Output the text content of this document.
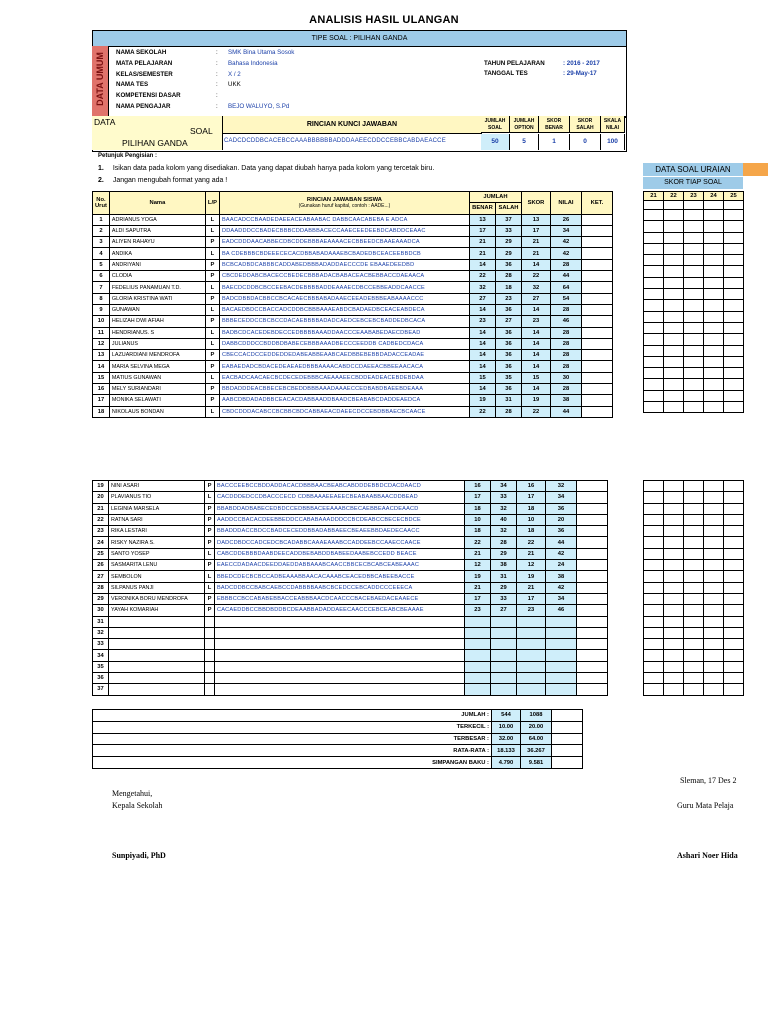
ANALISIS HASIL ULANGAN
TIPE SOAL : PILIHAN GANDA
DATA UMUM NAMA SEKOLAH	: SMK Bina Utama Sosok
MATA PELAJARAN	: Bahasa Indonesia
KELAS/SEMESTER	: X / 2
NAMA TES	: UKK
KOMPETENSI DASAR	:
NAMA PENGAJAR	: BEJO WALUYO, S.Pd
TAHUN PELAJARAN	: 2016 - 2017
TANGGAL TES	: 29-May-17
DATA
SOAL
PILIHAN GANDA
RINCIAN KUNCI JAWABAN
CADCDCDDBCACEBCCAAABBBBBBADDDAAEECDDCCEBBCABDAEACCE
JUMLAH SOAL
50
JUMLAH OPTION
5
SKOR BENAR
1
SKOR SALAH
0
SKALA NILAI
100
Petunjuk Pengisian :
1. Isikan data pada kolom yang disediakan. Data yang dapat diubah hanya pada kolom yang tercetak biru.
2. Jangan mengubah format yang ada !
DATA SOAL URAIAN
SKOR TIAP SOAL
No. Urut	Nama	L/P	RINCIAN JAWABAN SISWA
(Gunakan huruf kapital, contoh : AADE...)	JUMLAH		SKOR	NILAI	KET.
				BENAR	SALAH			
1	ADRIANUS YOGA	L	BAACADCCBAADEDAEEACEABAABAC DABBCAACABEBA E ADCA	13	37	13	26	
2	ALDI SAPUTRA	L	DDAADDDCCBADECBBBCDDABBBACECCAAECEEDEEBDCABDDCEAAC	17	33	17	34	
3	ALIYEN RAHAYU	P	EADCDDDAACABBECDBCDDEBBBAEAAAACECBBEEDCBAAEAAADCA	21	29	21	42	
4	ANDIKA	L	BA CDEBBBCBDEEECECACDBBABADAAAEBCBADEDBCEACEEBBDCB	21	29	21	42	
5	ANDRIYANI	P	BCBCADBDCABBBCADDABEDBBBADADDAECCCDE EBAAEDEEDBD	14	36	14	28	
6	CLODIA	P	CBCDEDDABCBACECCBEDECBBBADACBABACEACBEBBACCDAEAACA	22	28	22	44	
7	FEDELIUS PANAMUAN T.D.	L	BAECDCDDBCBCCEEBACDEBBBBADDEAAAECDBCCEBBEADDCAACCE	32	18	32	64	
8	GLORIA KRISTINA WATI	P	BADCDBBDACBBCCBCACAECBBBABADAAECEEADEBBBEABAAAACCC	27	23	27	54	
9	GUNAWAN	L	BACAEDBDCCBACCADCDDBCBBBAAAEABDCBADAEDBCEACEABDECA	14	36	14	28	
10	HELIZAH DWI AFIAH	P	BBBECEDDCCBCBCCDACAEBBBBADADCAEDCEBCEBCBADDEDBCACA	23	27	23	46	
11	HENDRIANUS. S	L	BADBCDCACEDEBDECCEDBBBBAAADDAACCCEAABABEDAECDBEAD	14	36	14	28	
12	JULIANUS	L	DABBCDDDCCBDDBDBABECEBBBAAADBECCCEEDDB CADBEDCDACA	14	36	14	28	
13	LAZUARDIANI MENDROFA	P	CBECCACDCCEDDEDDEDABEABBEAABCAEDBBEBEBBDADACCEADAE	14	36	14	28	
14	MARIA SELVINA MEGA	P	EABAEDADCBDACEDEAEAEDBBBAAAACABDCCDAEEACBBEEAACACA	14	36	14	28	
15	MATIUS GUNAWAN	L	EACBADCAACAECBCDECEDEBBBCAEAAAEECBDDEADEACEBDEBDAA	15	35	15	30	
16	MELY SURIANDARI	P	BBDADDDEACBBECEBCBEDDBBBAAADAAAECCEDBABDBAEEBDEAAA	14	36	14	28	
17	MONIKA SELAWATI	P	AABCDBDADADBBCEACACDABBAADDBAADCBEABABCDADDEAEDCA	19	31	19	38	
18	NIKOLAUS BONDAN	L	CBDCDDDACABCCBCBBCBDCABBAEACDAEECDCCEBDBBAECBCAACE	22	28	22	44	
21	22	23	24	25

19	NINI ASARI	P	BACCCEEBCCBDDADDACACDBBBAACBEABCABDDDEBBDCDACDAACD	16	34	16	32	
20	PLAVIANUS TIO	L	CACDDDEDCCDBACCCECD CDBBAAAEEAEECBEABAABBAACDDBEAD	17	33	17	34	
21	LEGINIA MARSELA	P	BBABDDADBABECEDBDCCEDBBBACEEAAABCBECAEBBEAACDEAACD	18	32	18	36	
22	RATNA SARI	P	AADDCCBACACDEEBBEDDCCABABAAADDDCCBCDEABCCBECECBDCE	10	40	10	20	
23	RIKA LESTARI	P	BBADDDACCBDCCBADCECEDDBBADABBAEECBEAEEBBDAEDECAACC	18	32	18	36	
24	RISKY NAZIRA S.	P	DADCDBDCCADCEDCBCADABBCAAAEAAABCCADDEEBCCAAECCAACE	22	28	22	44	
25	SANTO YOSEP	L	CABCDDEBBBDAABDEECADDBEBABDDBABEEDAABEBCCEDD BEACE	21	29	21	42	
26	SASMARITA LENU	P	EAECCDADAACDEEDDAEDDABBAAABCAACCBBCECBCABCEABEAAAC	12	38	12	24	
27	SEMBOLON	L	BBEDCDECBCBCCADBEAAABBAACACAAABCEACEDBBCABEEBACCE	19	31	19	38	
28	SILPANUS PANJI	L	BADCDDBCCBABCAEBCCDABBBBAABCBCEDCCEBCADDCCCEEECA	21	29	21	42	
29	VERONIKA BORU MENDROFA	P	EBBBCCBCCABABEBBACCEABBBAACDCAACCCBACEBAEDACEAAECE	17	33	17	34	
30	YAYAH KOMARIAH	P	CACAEDDBCCBBDBDDBCDEAABBADADDAEECAACCCEBCEABCBEAAAE	23	27	23	46	
31								
32								
33								
34								
35								
36								
37								

JUMLAH :	544	1088	
TERKECIL :	10.00	20.00	
TERBESAR :	32.00	64.00	
RATA-RATA :	18.133	36.267	
SIMPANGAN BAKU :	4.790	9.581	
Sleman, 17 Des 2
Mengetahui,
Kepala Sekolah	Guru Mata Pelaja
Sunpiyadi, PhD	Ashari Noer Hida
